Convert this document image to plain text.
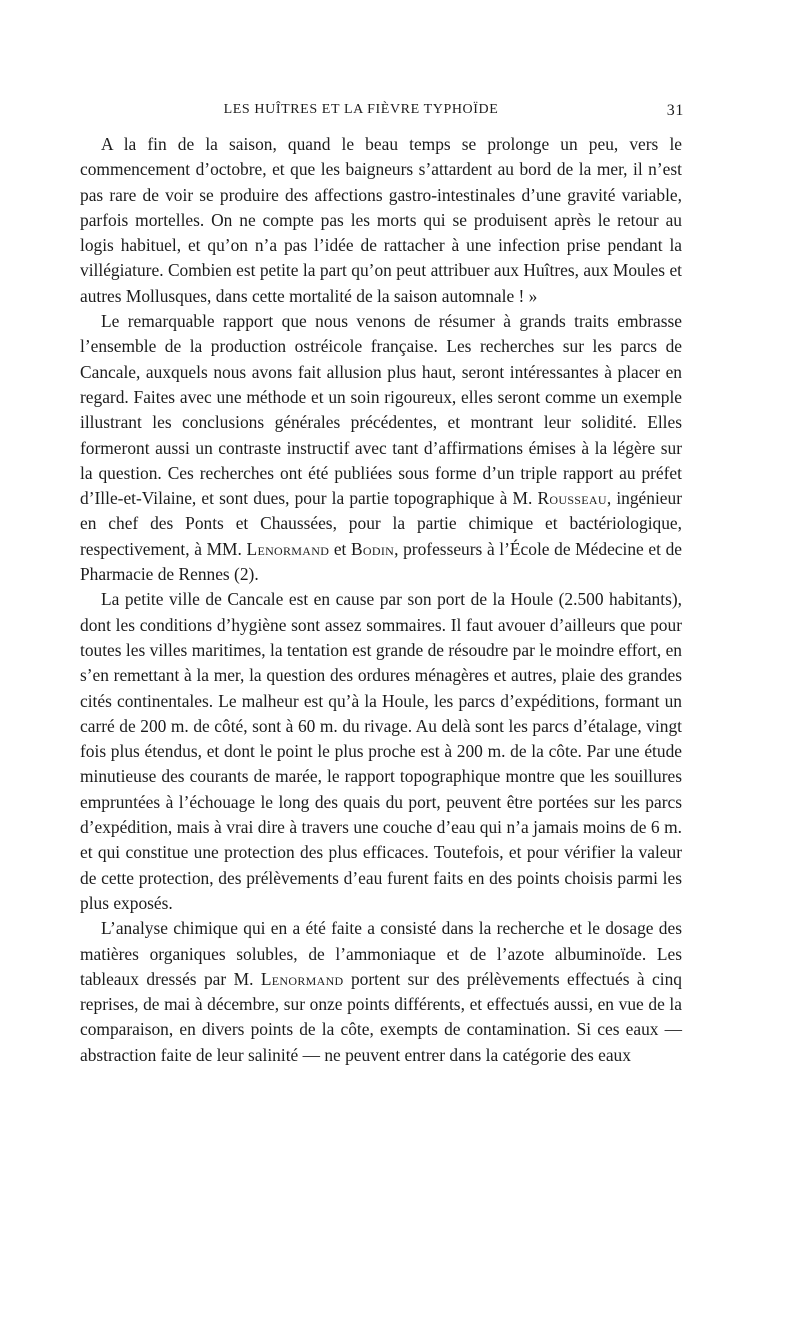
LES HUÎTRES ET LA FIÈVRE TYPHOÏDE	31

A la fin de la saison, quand le beau temps se prolonge un peu, vers le commencement d’octobre, et que les baigneurs s’attardent au bord de la mer, il n’est pas rare de voir se produire des affections gastro-intestinales d’une gravité variable, parfois mortelles. On ne compte pas les morts qui se produisent après le retour au logis habituel, et qu’on n’a pas l’idée de rattacher à une infection prise pendant la villégiature. Combien est petite la part qu’on peut attribuer aux Huîtres, aux Moules et autres Mollusques, dans cette mortalité de la saison automnale ! »

Le remarquable rapport que nous venons de résumer à grands traits embrasse l’ensemble de la production ostréicole française. Les recherches sur les parcs de Cancale, auxquels nous avons fait allusion plus haut, seront intéressantes à placer en regard. Faites avec une méthode et un soin rigoureux, elles seront comme un exemple illustrant les conclusions générales précédentes, et montrant leur solidité. Elles formeront aussi un contraste instructif avec tant d’affirmations émises à la légère sur la question. Ces recherches ont été publiées sous forme d’un triple rapport au préfet d’Ille-et-Vilaine, et sont dues, pour la partie topographique à M. Rousseau, ingénieur en chef des Ponts et Chaussées, pour la partie chimique et bactériologique, respectivement, à MM. Lenormand et Bodin, professeurs à l’École de Médecine et de Pharmacie de Rennes (2).

La petite ville de Cancale est en cause par son port de la Houle (2.500 habitants), dont les conditions d’hygiène sont assez sommaires. Il faut avouer d’ailleurs que pour toutes les villes maritimes, la tentation est grande de résoudre par le moindre effort, en s’en remettant à la mer, la question des ordures ménagères et autres, plaie des grandes cités continentales. Le malheur est qu’à la Houle, les parcs d’expéditions, formant un carré de 200 m. de côté, sont à 60 m. du rivage. Au delà sont les parcs d’étalage, vingt fois plus étendus, et dont le point le plus proche est à 200 m. de la côte. Par une étude minutieuse des courants de marée, le rapport topographique montre que les souillures empruntées à l’échouage le long des quais du port, peuvent être portées sur les parcs d’expédition, mais à vrai dire à travers une couche d’eau qui n’a jamais moins de 6 m. et qui constitue une protection des plus efficaces. Toutefois, et pour vérifier la valeur de cette protection, des prélèvements d’eau furent faits en des points choisis parmi les plus exposés.

L’analyse chimique qui en a été faite a consisté dans la recherche et le dosage des matières organiques solubles, de l’ammoniaque et de l’azote albuminoïde. Les tableaux dressés par M. Lenormand portent sur des prélèvements effectués à cinq reprises, de mai à décembre, sur onze points différents, et effectués aussi, en vue de la comparaison, en divers points de la côte, exempts de contamination. Si ces eaux — abstraction faite de leur salinité — ne peuvent entrer dans la catégorie des eaux
